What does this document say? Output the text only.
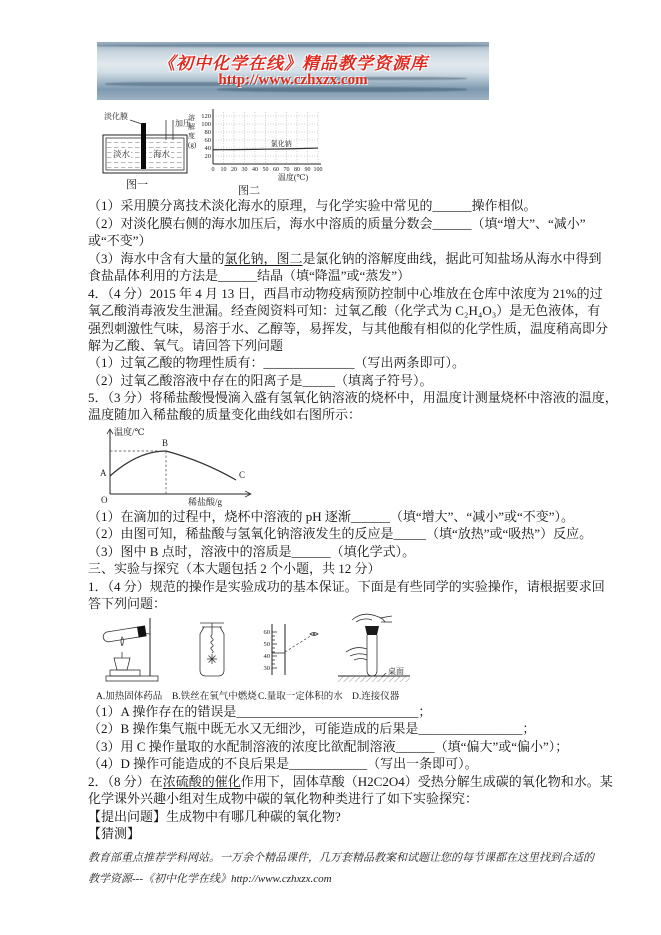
《初中化学在线》精品教学资源库
http://www.czhxzx.com
淡化膜
加压
淡水	海水
图一
20
40
60
80
100
120
0 10 20 30 40 50 60 70 80 90 100
氯化钠
溶
解
度
(g)
温度(℃)
图二
（1）采用膜分离技术淡化海水的原理，与化学实验中常见的______操作相似。
（2）对淡化膜右侧的海水加压后，海水中溶质的质量分数会______（填“增大”、“减小”
或“不变”）
（3）海水中含有大量的氯化钠，图二是氯化钠的溶解度曲线，据此可知盐场从海水中得到
食盐晶体利用的方法是______结晶（填“降温”或“蒸发”）
4．（4 分）2015 年 4 月 13 日，西昌市动物疫病预防控制中心堆放在仓库中浓度为 21%的过
氧乙酸消毒液发生泄漏。经查阅资料可知：过氧乙酸（化学式为 C₂H₄O₃）是无色液体，有
强烈刺激性气味，易溶于水、乙醇等，易挥发，与其他酸有相似的化学性质，温度稍高即分
解为乙酸、氧气。请回答下列问题
（1）过氧乙酸的物理性质有：______________（写出两条即可）。
（2）过氧乙酸溶液中存在的阳离子是_____（填离子符号）。
5．（3 分）将稀盐酸慢慢滴入盛有氢氧化钠溶液的烧杯中，用温度计测量烧杯中溶液的温度，
温度随加入稀盐酸的质量变化曲线如右图所示：
温度/℃
稀盐酸/g
A
B
C
O
（1）在滴加的过程中，烧杯中溶液的 pH 逐渐______（填“增大”、“减小”或“不变”）。
（2）由图可知，稀盐酸与氢氧化钠溶液发生的反应是_____（填“放热”或“吸热”）反应。
（3）图中 B 点时，溶液中的溶质是______（填化学式）。
三、实验与探究（本大题包括 2 个小题，共 12 分）
1．（4 分）规范的操作是实验成功的基本保证。下面是有些同学的实验操作，请根据要求回
答下列问题：
60
50
40
30	桌面
A.加热固体药品 B.铁丝在氧气中燃烧 C.量取一定体积的水 D.连接仪器
（1）A 操作存在的错误是____________________________；
（2）B 操作集气瓶中既无水又无细沙，可能造成的后果是________________；
（3）用 C 操作量取的水配制溶液的浓度比欲配制溶液______（填“偏大”或“偏小”）；
（4）D 操作可能造成的不良后果是____________（写出一条即可）。
2．（8 分）在浓硫酸的催化作用下，固体草酸（H2C2O4）受热分解生成碳的氧化物和水。某
化学课外兴趣小组对生成物中碳的氧化物种类进行了如下实验探究：
【提出问题】生成物中有哪几种碳的氧化物?
【猜测】
教育部重点推荐学科网站。一万余个精品课件，几万套精品教案和试题让您的每节课都在这里找到合适的
教学资源---《初中化学在线》http://www.czhxzx.com
